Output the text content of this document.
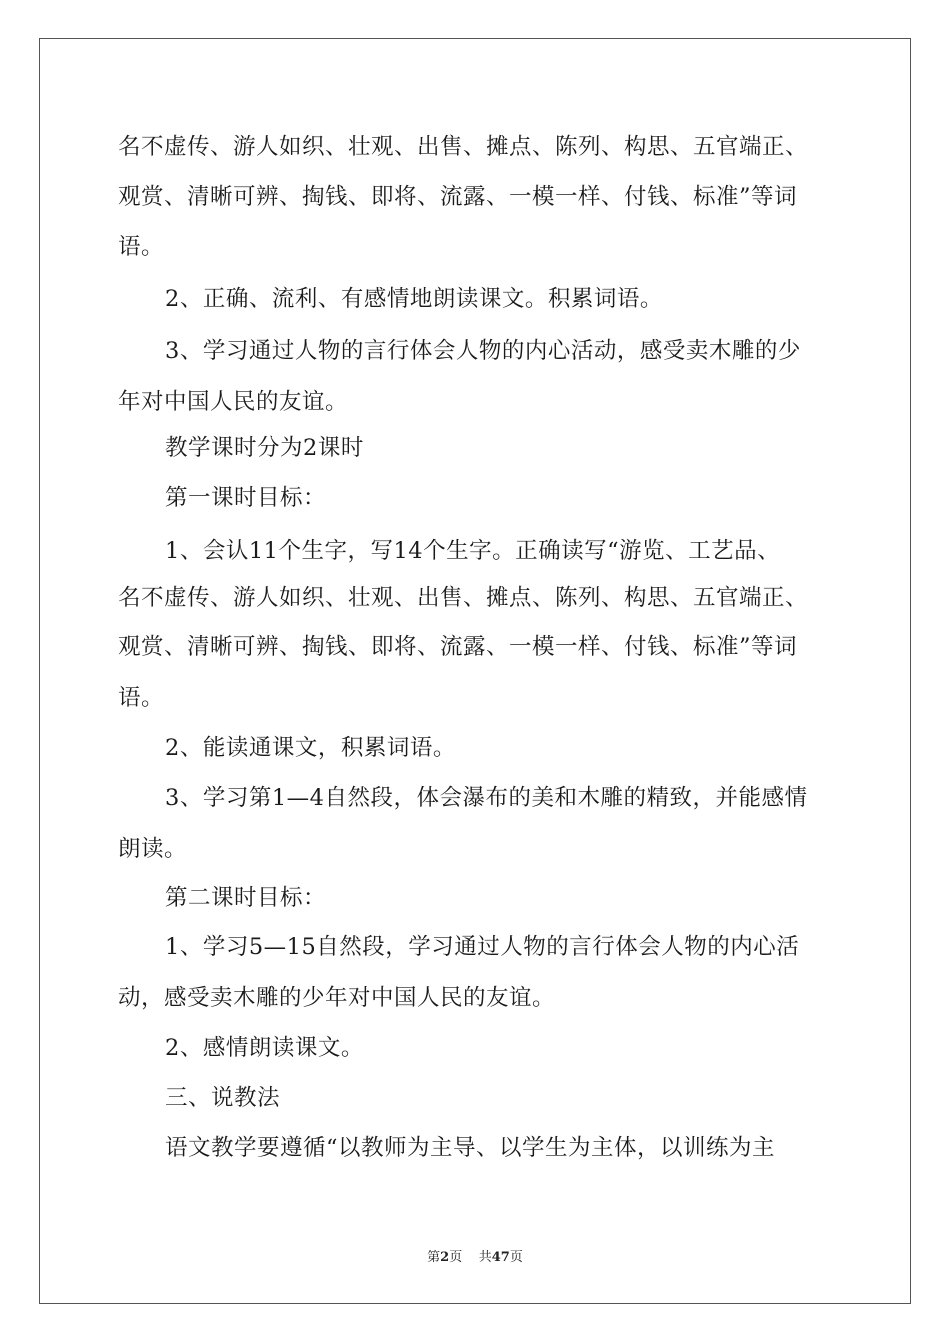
名不虚传、游人如织、壮观、出售、摊点、陈列、构思、五官端正、
观赏、清晰可辨、掏钱、即将、流露、一模一样、付钱、标准”等词
语。
2、正确、流利、有感情地朗读课文。积累词语。
3、学习通过人物的言行体会人物的内心活动，感受卖木雕的少
年对中国人民的友谊。
教学课时分为2课时
第一课时目标：
1、会认11个生字，写14个生字。正确读写“游览、工艺品、
名不虚传、游人如织、壮观、出售、摊点、陈列、构思、五官端正、
观赏、清晰可辨、掏钱、即将、流露、一模一样、付钱、标准”等词
语。
2、能读通课文，积累词语。
3、学习第1—4自然段，体会瀑布的美和木雕的精致，并能感情
朗读。
第二课时目标：
1、学习5—15自然段，学习通过人物的言行体会人物的内心活
动，感受卖木雕的少年对中国人民的友谊。
2、感情朗读课文。
三、说教法
语文教学要遵循“以教师为主导、以学生为主体，以训练为主
第2页 共47页
